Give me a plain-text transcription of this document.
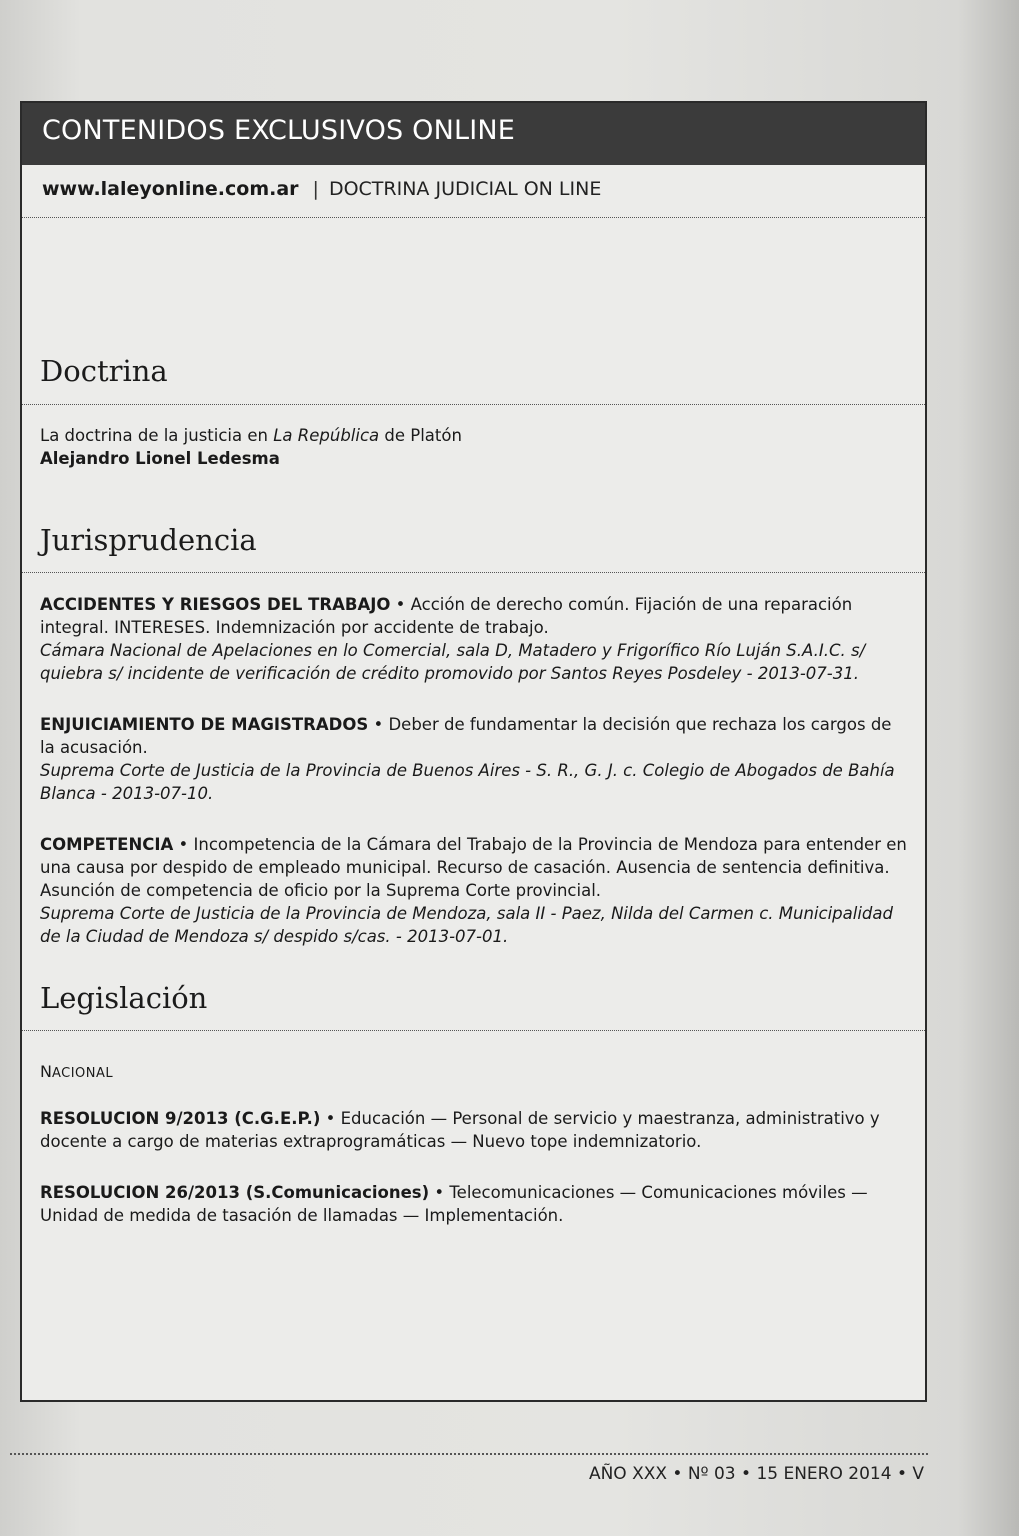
CONTENIDOS EXCLUSIVOS ONLINE
www.laleyonline.com.ar | DOCTRINA JUDICIAL ON LINE
Doctrina
La doctrina de la justicia en La República de Platón
Alejandro Lionel Ledesma
Jurisprudencia
ACCIDENTES Y RIESGOS DEL TRABAJO • Acción de derecho común. Fijación de una reparación integral. INTERESES. Indemnización por accidente de trabajo.
Cámara Nacional de Apelaciones en lo Comercial, sala D, Matadero y Frigorífico Río Luján S.A.I.C. s/ quiebra s/ incidente de verificación de crédito promovido por Santos Reyes Posdeley - 2013-07-31.
ENJUICIAMIENTO DE MAGISTRADOS • Deber de fundamentar la decisión que rechaza los cargos de la acusación.
Suprema Corte de Justicia de la Provincia de Buenos Aires - S. R., G. J. c. Colegio de Abogados de Bahía Blanca - 2013-07-10.
COMPETENCIA • Incompetencia de la Cámara del Trabajo de la Provincia de Mendoza para entender en una causa por despido de empleado municipal. Recurso de casación. Ausencia de sentencia definitiva. Asunción de competencia de oficio por la Suprema Corte provincial.
Suprema Corte de Justicia de la Provincia de Mendoza, sala II - Paez, Nilda del Carmen c. Municipalidad de la Ciudad de Mendoza s/ despido s/cas. - 2013-07-01.
Legislación
NACIONAL
RESOLUCION 9/2013 (C.G.E.P.) • Educación — Personal de servicio y maestranza, administrativo y docente a cargo de materias extraprogramáticas — Nuevo tope indemnizatorio.
RESOLUCION 26/2013 (S.Comunicaciones) • Telecomunicaciones — Comunicaciones móviles — Unidad de medida de tasación de llamadas — Implementación.
AÑO XXX • Nº 03 • 15 ENERO 2014 • V
